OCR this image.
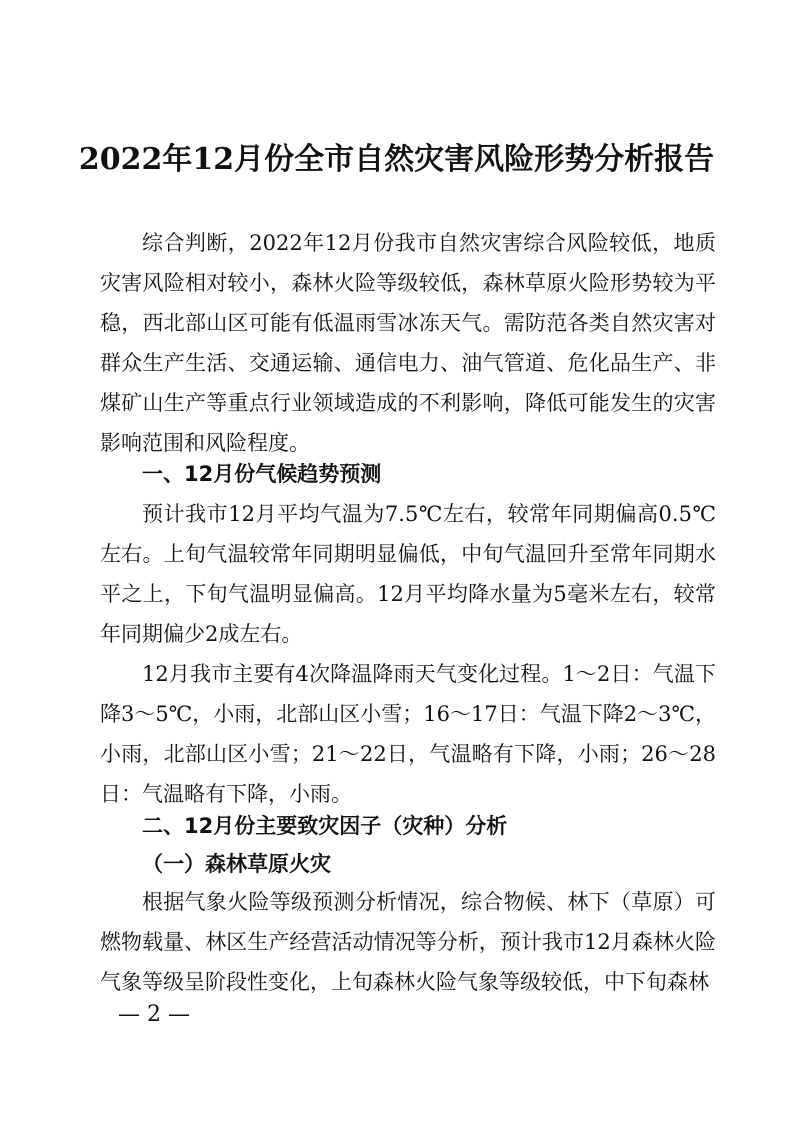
2022年12月份全市自然灾害风险形势分析报告

综合判断，2022年12月份我市自然灾害综合风险较低，地质灾害风险相对较小，森林火险等级较低，森林草原火险形势较为平稳，西北部山区可能有低温雨雪冰冻天气。需防范各类自然灾害对群众生产生活、交通运输、通信电力、油气管道、危化品生产、非煤矿山生产等重点行业领域造成的不利影响，降低可能发生的灾害影响范围和风险程度。

一、12月份气候趋势预测

预计我市12月平均气温为7.5℃左右，较常年同期偏高0.5℃左右。上旬气温较常年同期明显偏低，中旬气温回升至常年同期水平之上，下旬气温明显偏高。12月平均降水量为5毫米左右，较常年同期偏少2成左右。

12月我市主要有4次降温降雨天气变化过程。1～2日：气温下降3～5℃，小雨，北部山区小雪；16～17日：气温下降2～3℃，小雨，北部山区小雪；21～22日，气温略有下降，小雨；26～28日：气温略有下降，小雨。

二、12月份主要致灾因子（灾种）分析

（一）森林草原火灾

根据气象火险等级预测分析情况，综合物候、林下（草原）可燃物载量、林区生产经营活动情况等分析，预计我市12月森林火险气象等级呈阶段性变化，上旬森林火险气象等级较低，中下旬森林

— 2 —
